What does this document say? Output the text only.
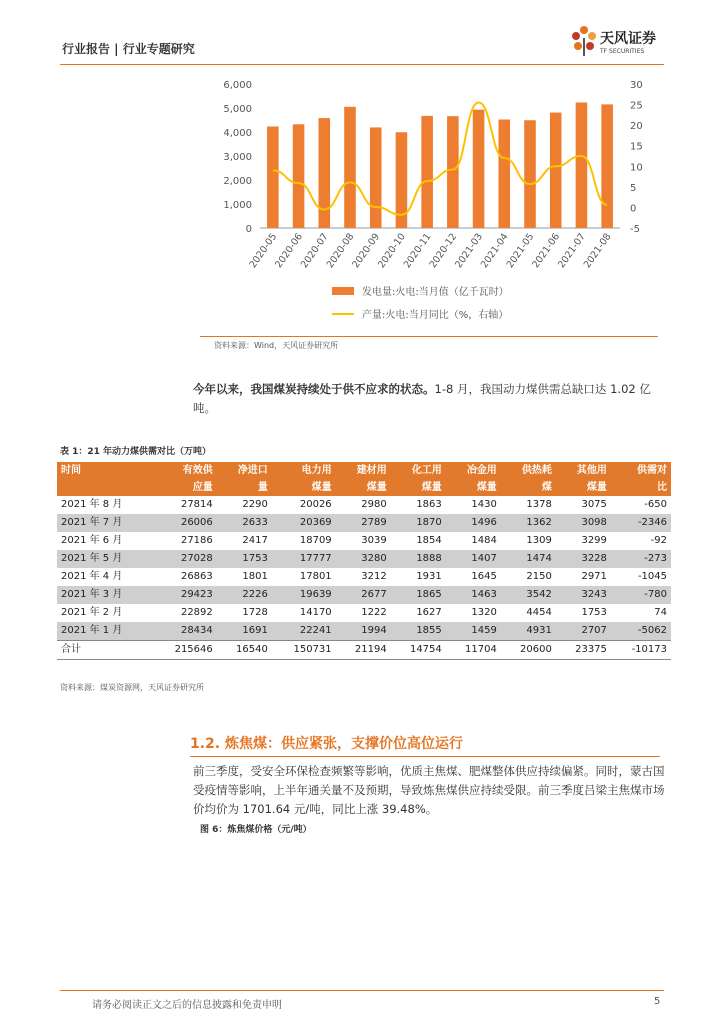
行业报告 | 行业专题研究
天风证券
TF SECURITIES
0
1,000
2,000
3,000
4,000
5,000
6,000
-5
0
5
10
15
20
25
30
2020-05
2020-06
2020-07
2020-08
2020-09
2020-10
2020-11
2020-12
2021-03
2021-04
2021-05
2021-06
2021-07
2021-08
发电量:火电:当月值（亿千瓦时）
产量:火电:当月同比（%，右轴）
资料来源：Wind，天风证券研究所
今年以来，我国煤炭持续处于供不应求的状态。1-8 月，我国动力煤供需总缺口达 1.02 亿吨。
表 1：21 年动力煤供需对比（万吨）
时间	有效供	净进口	电力用	建材用	化工用	冶金用	供热耗	其他用	供需对
	应量	量	煤量	煤量	煤量	煤量	煤	煤量	比
2021 年 8 月	27814	2290	20026	2980	1863	1430	1378	3075	-650
2021 年 7 月	26006	2633	20369	2789	1870	1496	1362	3098	-2346
2021 年 6 月	27186	2417	18709	3039	1854	1484	1309	3299	-92
2021 年 5 月	27028	1753	17777	3280	1888	1407	1474	3228	-273
2021 年 4 月	26863	1801	17801	3212	1931	1645	2150	2971	-1045
2021 年 3 月	29423	2226	19639	2677	1865	1463	3542	3243	-780
2021 年 2 月	22892	1728	14170	1222	1627	1320	4454	1753	74
2021 年 1 月	28434	1691	22241	1994	1855	1459	4931	2707	-5062
合计	215646	16540	150731	21194	14754	11704	20600	23375	-10173
资料来源：煤炭资源网，天风证券研究所
1.2. 炼焦煤：供应紧张，支撑价位高位运行
前三季度，受安全环保检查频繁等影响，优质主焦煤、肥煤整体供应持续偏紧。同时，蒙古国受疫情等影响，上半年通关量不及预期，导致炼焦煤供应持续受限。前三季度吕梁主焦煤市场价均价为 1701.64 元/吨，同比上涨 39.48%。
图 6：炼焦煤价格（元/吨）
请务必阅读正文之后的信息披露和免责申明	5
